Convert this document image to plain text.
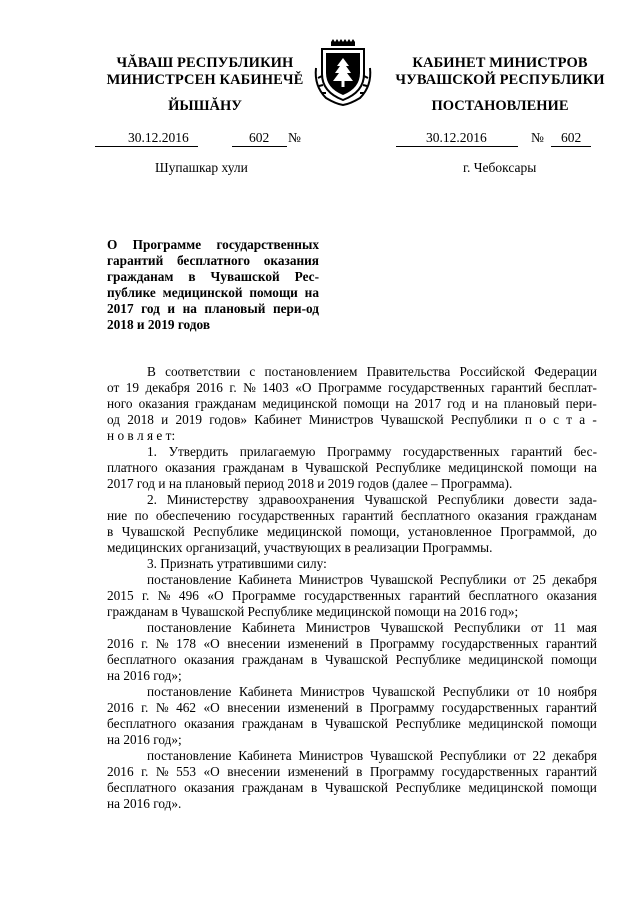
ЧĂВАШ РЕСПУБЛИКИН
МИНИСТРСЕН КАБИНЕЧĚ
ЙЫШĂНУ
КАБИНЕТ МИНИСТРОВ
ЧУВАШСКОЙ РЕСПУБЛИКИ
ПОСТАНОВЛЕНИЕ
30.12.2016	602 №	30.12.2016	№ 602
Шупашкар хули	г. Чебоксары
О Программе государственных гарантий бесплатного оказания гражданам в Чувашской Рес-публике медицинской помощи на 2017 год и на плановый пери-од 2018 и 2019 годов
В соответствии с постановлением Правительства Российской Федерации
от 19 декабря 2016 г. № 1403 «О Программе государственных гарантий бесплат-
ного оказания гражданам медицинской помощи на 2017 год и на плановый пери-
од 2018 и 2019 годов» Кабинет Министров Чувашской Республики п о с т а -
н о в л я е т:
1. Утвердить прилагаемую Программу государственных гарантий бес-
платного оказания гражданам в Чувашской Республике медицинской помощи на
2017 год и на плановый период 2018 и 2019 годов (далее – Программа).
2. Министерству здравоохранения Чувашской Республики довести зада-
ние по обеспечению государственных гарантий бесплатного оказания гражданам
в Чувашской Республике медицинской помощи, установленное Программой, до
медицинских организаций, участвующих в реализации Программы.
3. Признать утратившими силу:
постановление Кабинета Министров Чувашской Республики от 25 декабря
2015 г. № 496 «О Программе государственных гарантий бесплатного оказания
гражданам в Чувашской Республике медицинской помощи на 2016 год»;
постановление Кабинета Министров Чувашской Республики от 11 мая
2016 г. № 178 «О внесении изменений в Программу государственных гарантий
бесплатного оказания гражданам в Чувашской Республике медицинской помощи
на 2016 год»;
постановление Кабинета Министров Чувашской Республики от 10 ноября
2016 г. № 462 «О внесении изменений в Программу государственных гарантий
бесплатного оказания гражданам в Чувашской Республике медицинской помощи
на 2016 год»;
постановление Кабинета Министров Чувашской Республики от 22 декабря
2016 г. № 553 «О внесении изменений в Программу государственных гарантий
бесплатного оказания гражданам в Чувашской Республике медицинской помощи
на 2016 год».
